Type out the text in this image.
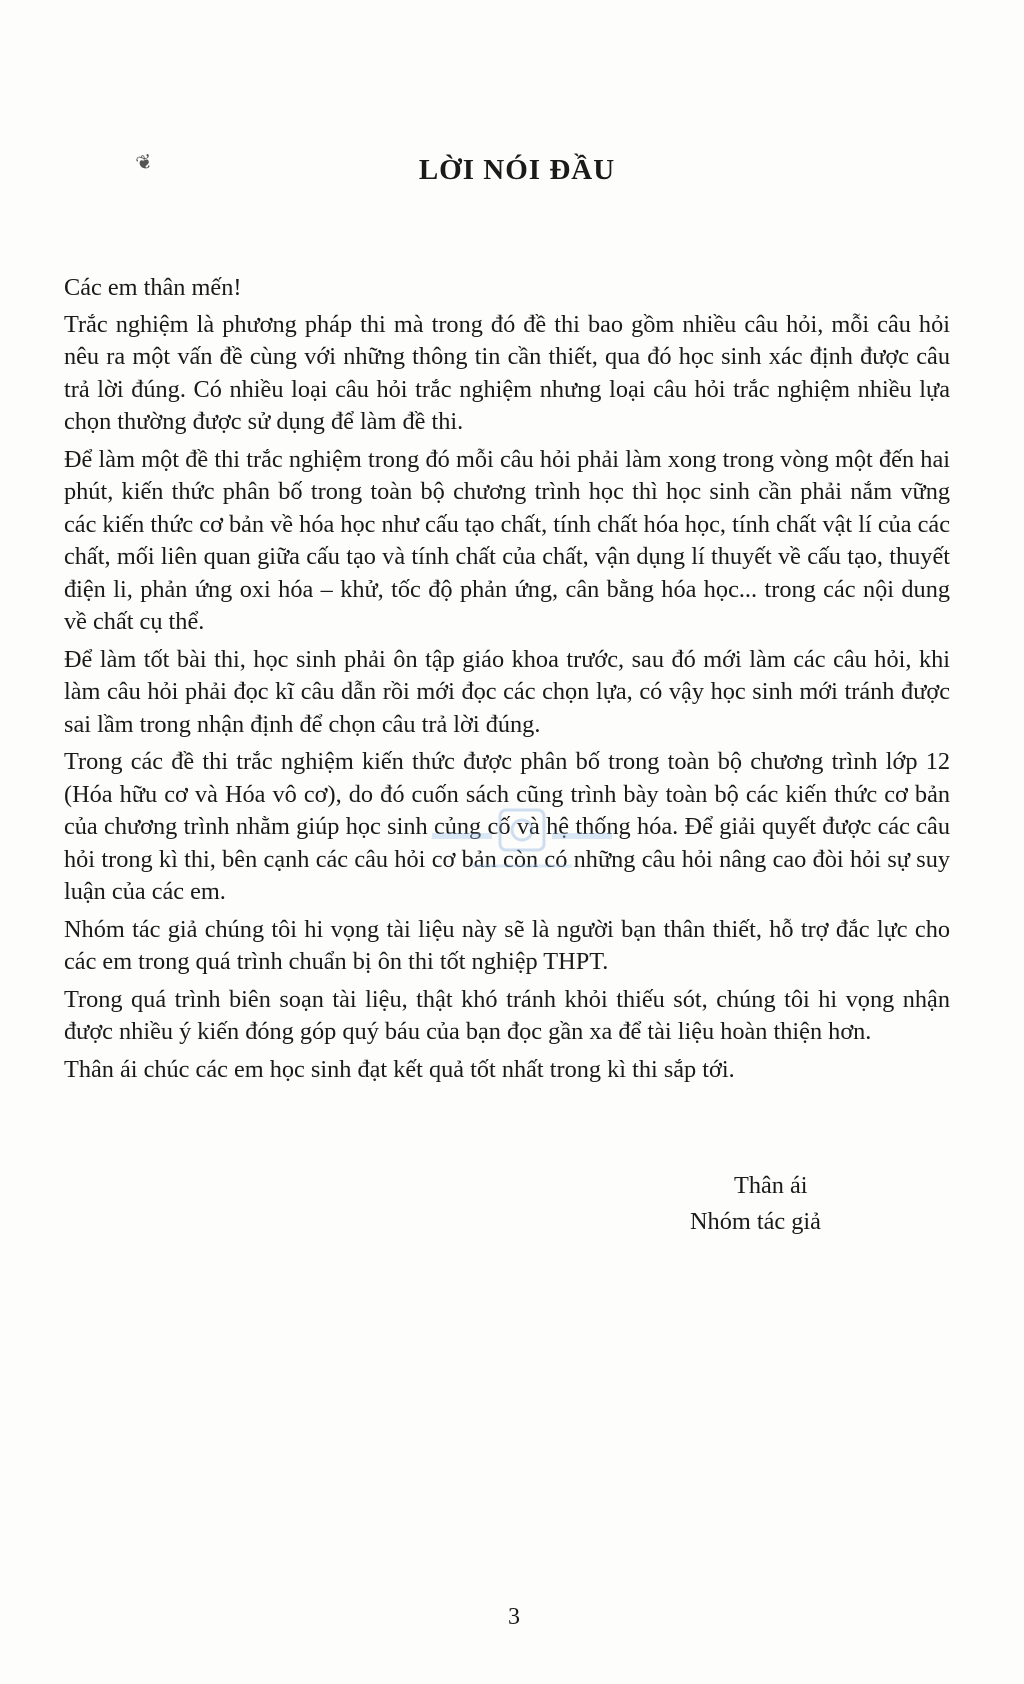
❦	LỜI NÓI ĐẦU

Các em thân mến!

Trắc nghiệm là phương pháp thi mà trong đó đề thi bao gồm nhiều câu hỏi, mỗi câu hỏi nêu ra một vấn đề cùng với những thông tin cần thiết, qua đó học sinh xác định được câu trả lời đúng. Có nhiều loại câu hỏi trắc nghiệm nhưng loại câu hỏi trắc nghiệm nhiều lựa chọn thường được sử dụng để làm đề thi.

Để làm một đề thi trắc nghiệm trong đó mỗi câu hỏi phải làm xong trong vòng một đến hai phút, kiến thức phân bố trong toàn bộ chương trình học thì học sinh cần phải nắm vững các kiến thức cơ bản về hóa học như cấu tạo chất, tính chất hóa học, tính chất vật lí của các chất, mối liên quan giữa cấu tạo và tính chất của chất, vận dụng lí thuyết về cấu tạo, thuyết điện li, phản ứng oxi hóa – khử, tốc độ phản ứng, cân bằng hóa học... trong các nội dung về chất cụ thể.

Để làm tốt bài thi, học sinh phải ôn tập giáo khoa trước, sau đó mới làm các câu hỏi, khi làm câu hỏi phải đọc kĩ câu dẫn rồi mới đọc các chọn lựa, có vậy học sinh mới tránh được sai lầm trong nhận định để chọn câu trả lời đúng.

Trong các đề thi trắc nghiệm kiến thức được phân bố trong toàn bộ chương trình lớp 12 (Hóa hữu cơ và Hóa vô cơ), do đó cuốn sách cũng trình bày toàn bộ các kiến thức cơ bản của chương trình nhằm giúp học sinh củng cố và hệ thống hóa. Để giải quyết được các câu hỏi trong kì thi, bên cạnh các câu hỏi cơ bản còn có những câu hỏi nâng cao đòi hỏi sự suy luận của các em.

Nhóm tác giả chúng tôi hi vọng tài liệu này sẽ là người bạn thân thiết, hỗ trợ đắc lực cho các em trong quá trình chuẩn bị ôn thi tốt nghiệp THPT.

Trong quá trình biên soạn tài liệu, thật khó tránh khỏi thiếu sót, chúng tôi hi vọng nhận được nhiều ý kiến đóng góp quý báu của bạn đọc gần xa để tài liệu hoàn thiện hơn.

Thân ái chúc các em học sinh đạt kết quả tốt nhất trong kì thi sắp tới.

Thân ái
Nhóm tác giả
3
